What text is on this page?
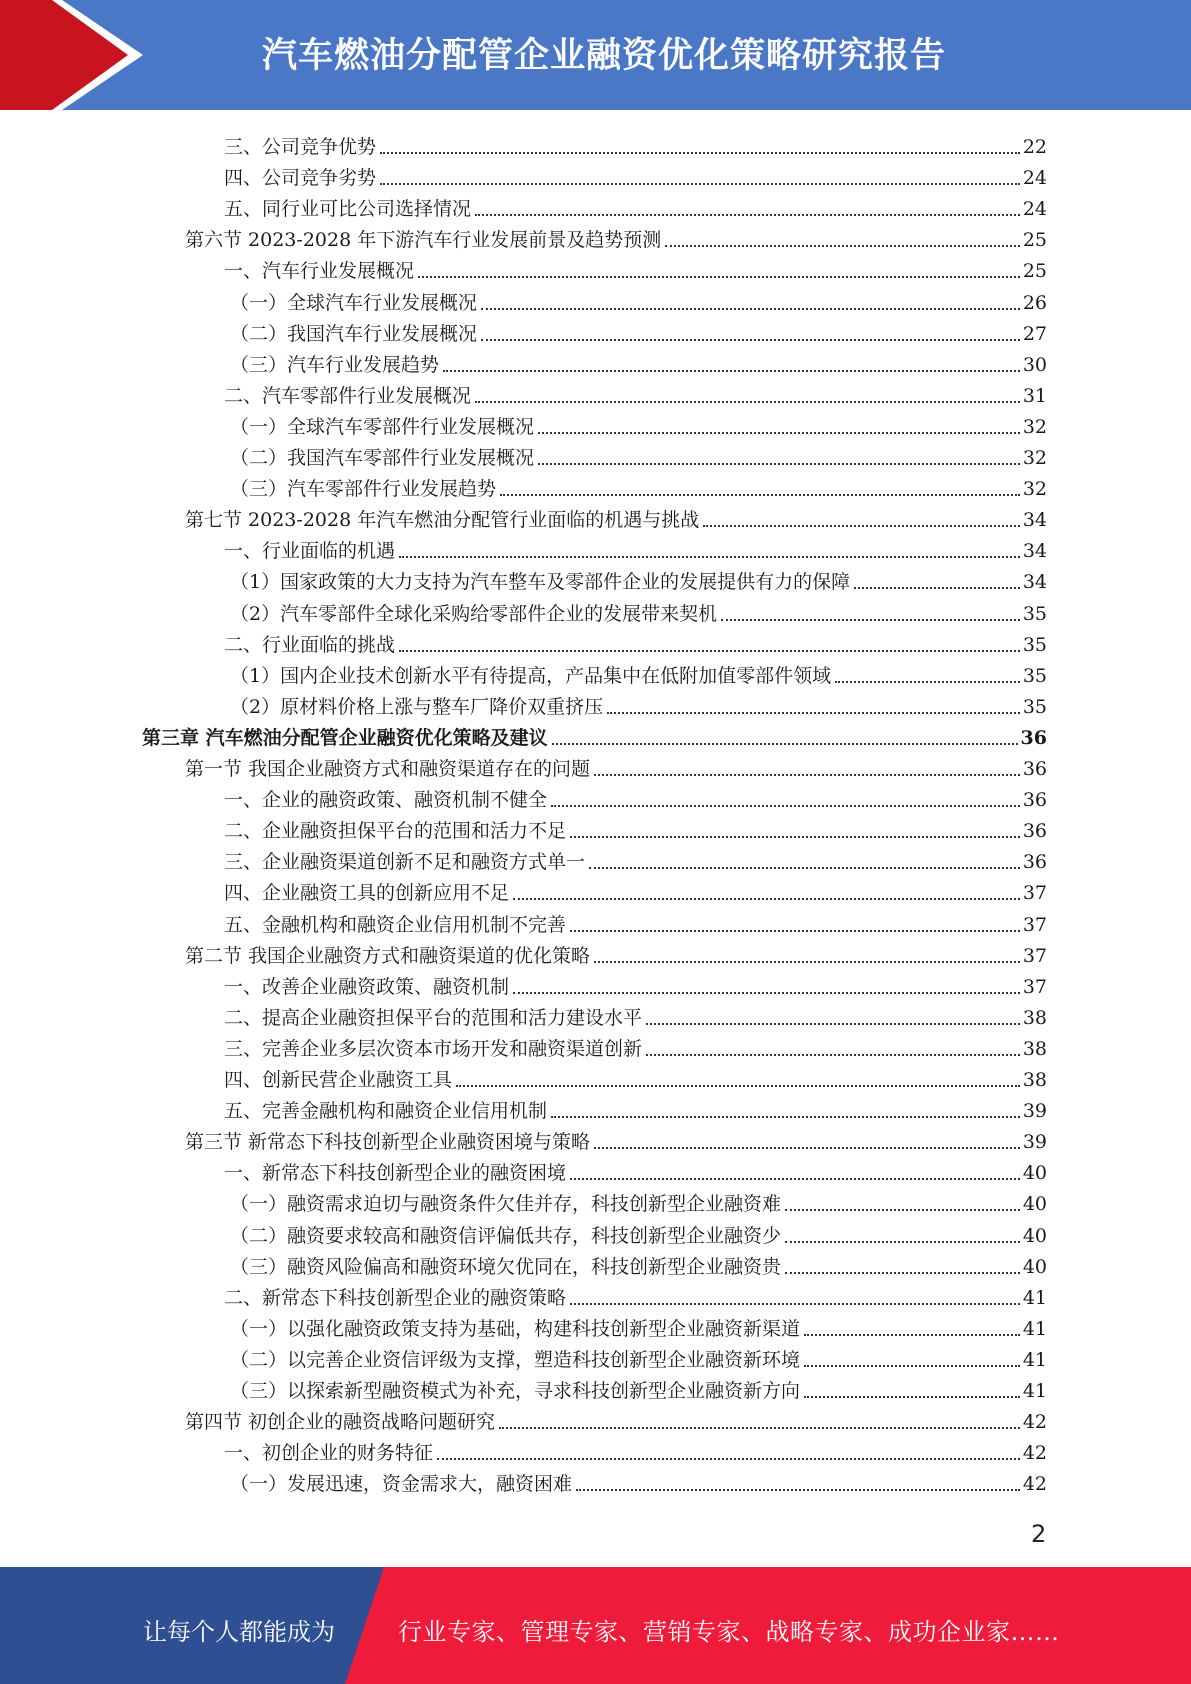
汽车燃油分配管企业融资优化策略研究报告
三、公司竞争优势	22
四、公司竞争劣势	24
五、同行业可比公司选择情况	24
第六节 2023-2028 年下游汽车行业发展前景及趋势预测	25
一、汽车行业发展概况	25
（一）全球汽车行业发展概况	26
（二）我国汽车行业发展概况	27
（三）汽车行业发展趋势	30
二、汽车零部件行业发展概况	31
（一）全球汽车零部件行业发展概况	32
（二）我国汽车零部件行业发展概况	32
（三）汽车零部件行业发展趋势	32
第七节 2023-2028 年汽车燃油分配管行业面临的机遇与挑战	34
一、行业面临的机遇	34
（1）国家政策的大力支持为汽车整车及零部件企业的发展提供有力的保障	34
（2）汽车零部件全球化采购给零部件企业的发展带来契机	35
二、行业面临的挑战	35
（1）国内企业技术创新水平有待提高，产品集中在低附加值零部件领域	35
（2）原材料价格上涨与整车厂降价双重挤压	35
第三章 汽车燃油分配管企业融资优化策略及建议	36
第一节 我国企业融资方式和融资渠道存在的问题	36
一、企业的融资政策、融资机制不健全	36
二、企业融资担保平台的范围和活力不足	36
三、企业融资渠道创新不足和融资方式单一	36
四、企业融资工具的创新应用不足	37
五、金融机构和融资企业信用机制不完善	37
第二节 我国企业融资方式和融资渠道的优化策略	37
一、改善企业融资政策、融资机制	37
二、提高企业融资担保平台的范围和活力建设水平	38
三、完善企业多层次资本市场开发和融资渠道创新	38
四、创新民营企业融资工具	38
五、完善金融机构和融资企业信用机制	39
第三节 新常态下科技创新型企业融资困境与策略	39
一、新常态下科技创新型企业的融资困境	40
（一）融资需求迫切与融资条件欠佳并存，科技创新型企业融资难	40
（二）融资要求较高和融资信评偏低共存，科技创新型企业融资少	40
（三）融资风险偏高和融资环境欠优同在，科技创新型企业融资贵	40
二、新常态下科技创新型企业的融资策略	41
（一）以强化融资政策支持为基础，构建科技创新型企业融资新渠道	41
（二）以完善企业资信评级为支撑，塑造科技创新型企业融资新环境	41
（三）以探索新型融资模式为补充，寻求科技创新型企业融资新方向	41
第四节 初创企业的融资战略问题研究	42
一、初创企业的财务特征	42
（一）发展迅速，资金需求大，融资困难	42
2
让每个人都能成为	行业专家、管理专家、营销专家、战略专家、成功企业家……
